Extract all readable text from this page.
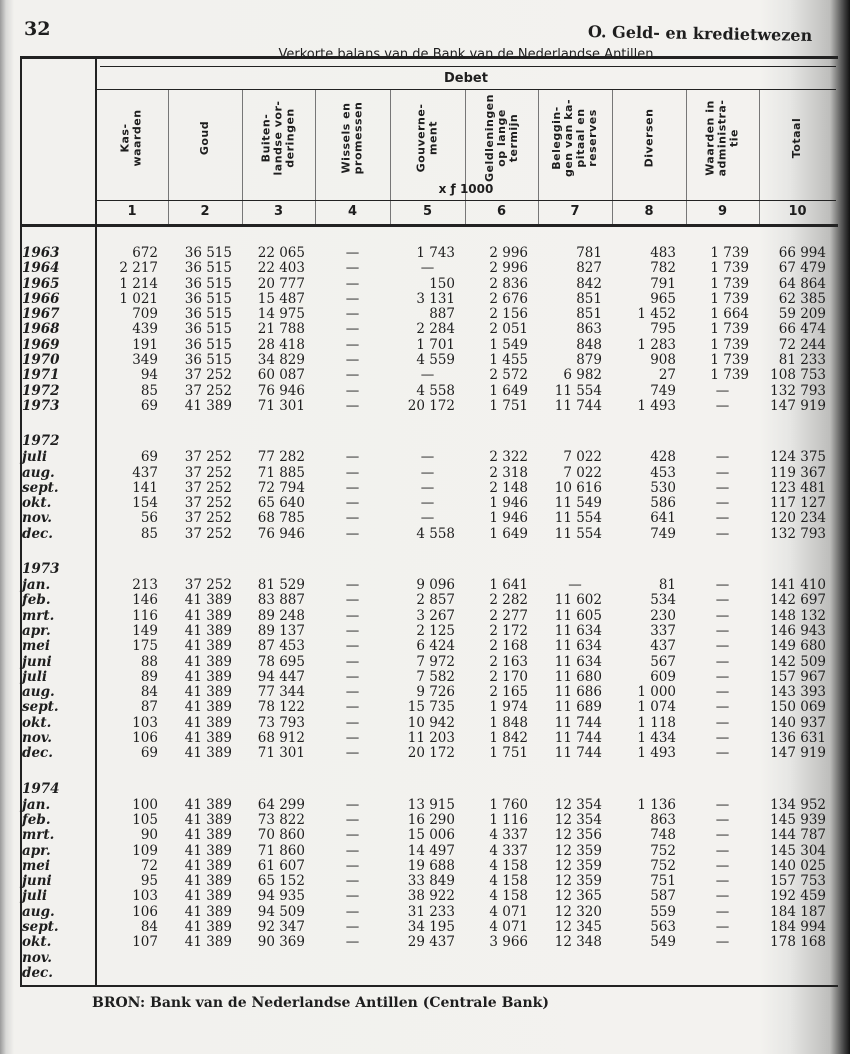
32	O. Geld- en kredietwezen
Verkorte balans van de Bank van de Nederlandse Antillen
Debet
Kas-
waarden
1
Goud
2
Buiten-
landse vor-
deringen
3
Wissels en
promessen
4
Gouverne-
ment
5
Geldleningen
op lange
termijn
6
Beleggin-
gen van ka-
pitaal en
reserves
7
Diversen
8
Waarden in
administra-
tie
9
Totaal
10
x ƒ 1000
1963	672	36 515	22 065	—	1 743	2 996	781	483	1 739	66 994
1964	2 217	36 515	22 403	—	—	2 996	827	782	1 739	67 479
1965	1 214	36 515	20 777	—	150	2 836	842	791	1 739	64 864
1966	1 021	36 515	15 487	—	3 131	2 676	851	965	1 739	62 385
1967	709	36 515	14 975	—	887	2 156	851	1 452	1 664	59 209
1968	439	36 515	21 788	—	2 284	2 051	863	795	1 739	66 474
1969	191	36 515	28 418	—	1 701	1 549	848	1 283	1 739	72 244
1970	349	36 515	34 829	—	4 559	1 455	879	908	1 739	81 233
1971	94	37 252	60 087	—	—	2 572	6 982	27	1 739	108 753
1972	85	37 252	76 946	—	4 558	1 649	11 554	749	—	132 793
1973	69	41 389	71 301	—	20 172	1 751	11 744	1 493	—	147 919
1972
juli	69	37 252	77 282	—	—	2 322	7 022	428	—	124 375
aug.	437	37 252	71 885	—	—	2 318	7 022	453	—	119 367
sept.	141	37 252	72 794	—	—	2 148	10 616	530	—	123 481
okt.	154	37 252	65 640	—	—	1 946	11 549	586	—	117 127
nov.	56	37 252	68 785	—	—	1 946	11 554	641	—	120 234
dec.	85	37 252	76 946	—	4 558	1 649	11 554	749	—	132 793
1973
jan.	213	37 252	81 529	—	9 096	1 641	—	81	—	141 410
feb.	146	41 389	83 887	—	2 857	2 282	11 602	534	—	142 697
mrt.	116	41 389	89 248	—	3 267	2 277	11 605	230	—	148 132
apr.	149	41 389	89 137	—	2 125	2 172	11 634	337	—	146 943
mei	175	41 389	87 453	—	6 424	2 168	11 634	437	—	149 680
juni	88	41 389	78 695	—	7 972	2 163	11 634	567	—	142 509
juli	89	41 389	94 447	—	7 582	2 170	11 680	609	—	157 967
aug.	84	41 389	77 344	—	9 726	2 165	11 686	1 000	—	143 393
sept.	87	41 389	78 122	—	15 735	1 974	11 689	1 074	—	150 069
okt.	103	41 389	73 793	—	10 942	1 848	11 744	1 118	—	140 937
nov.	106	41 389	68 912	—	11 203	1 842	11 744	1 434	—	136 631
dec.	69	41 389	71 301	—	20 172	1 751	11 744	1 493	—	147 919
1974
jan.	100	41 389	64 299	—	13 915	1 760	12 354	1 136	—	134 952
feb.	105	41 389	73 822	—	16 290	1 116	12 354	863	—	145 939
mrt.	90	41 389	70 860	—	15 006	4 337	12 356	748	—	144 787
apr.	109	41 389	71 860	—	14 497	4 337	12 359	752	—	145 304
mei	72	41 389	61 607	—	19 688	4 158	12 359	752	—	140 025
juni	95	41 389	65 152	—	33 849	4 158	12 359	751	—	157 753
juli	103	41 389	94 935	—	38 922	4 158	12 365	587	—	192 459
aug.	106	41 389	94 509	—	31 233	4 071	12 320	559	—	184 187
sept.	84	41 389	92 347	—	34 195	4 071	12 345	563	—	184 994
okt.	107	41 389	90 369	—	29 437	3 966	12 348	549	—	178 168
nov.
dec.
BRON: Bank van de Nederlandse Antillen (Centrale Bank)
